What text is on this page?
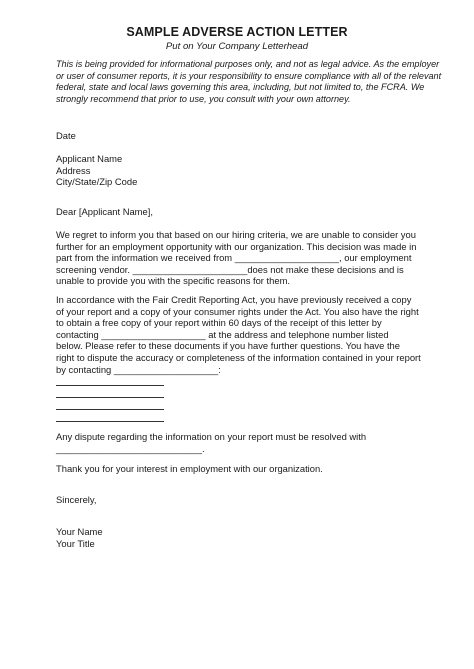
SAMPLE ADVERSE ACTION LETTER
Put on Your Company Letterhead
This is being provided for informational purposes only, and not as legal advice. As the employer
or user of consumer reports, it is your responsibility to ensure compliance with all of the relevant
federal, state and local laws governing this area, including, but not limited to, the FCRA. We
strongly recommend that prior to use, you consult with your own attorney.
Date
Applicant Name
Address
City/State/Zip Code
Dear [Applicant Name],
We regret to inform you that based on our hiring criteria, we are unable to consider you
further for an employment opportunity with our organization. This decision was made in
part from the information we received from ____________________, our employment
screening vendor. ______________________does not make these decisions and is
unable to provide you with the specific reasons for them.
In accordance with the Fair Credit Reporting Act, you have previously received a copy
of your report and a copy of your consumer rights under the Act. You also have the right
to obtain a free copy of your report within 60 days of the receipt of this letter by
contacting ____________________ at the address and telephone number listed
below. Please refer to these documents if you have further questions. You have the
right to dispute the accuracy or completeness of the information contained in your report
by contacting ____________________:
Any dispute regarding the information on your report must be resolved with
____________________________.
Thank you for your interest in employment with our organization.
Sincerely,
Your Name
Your Title
